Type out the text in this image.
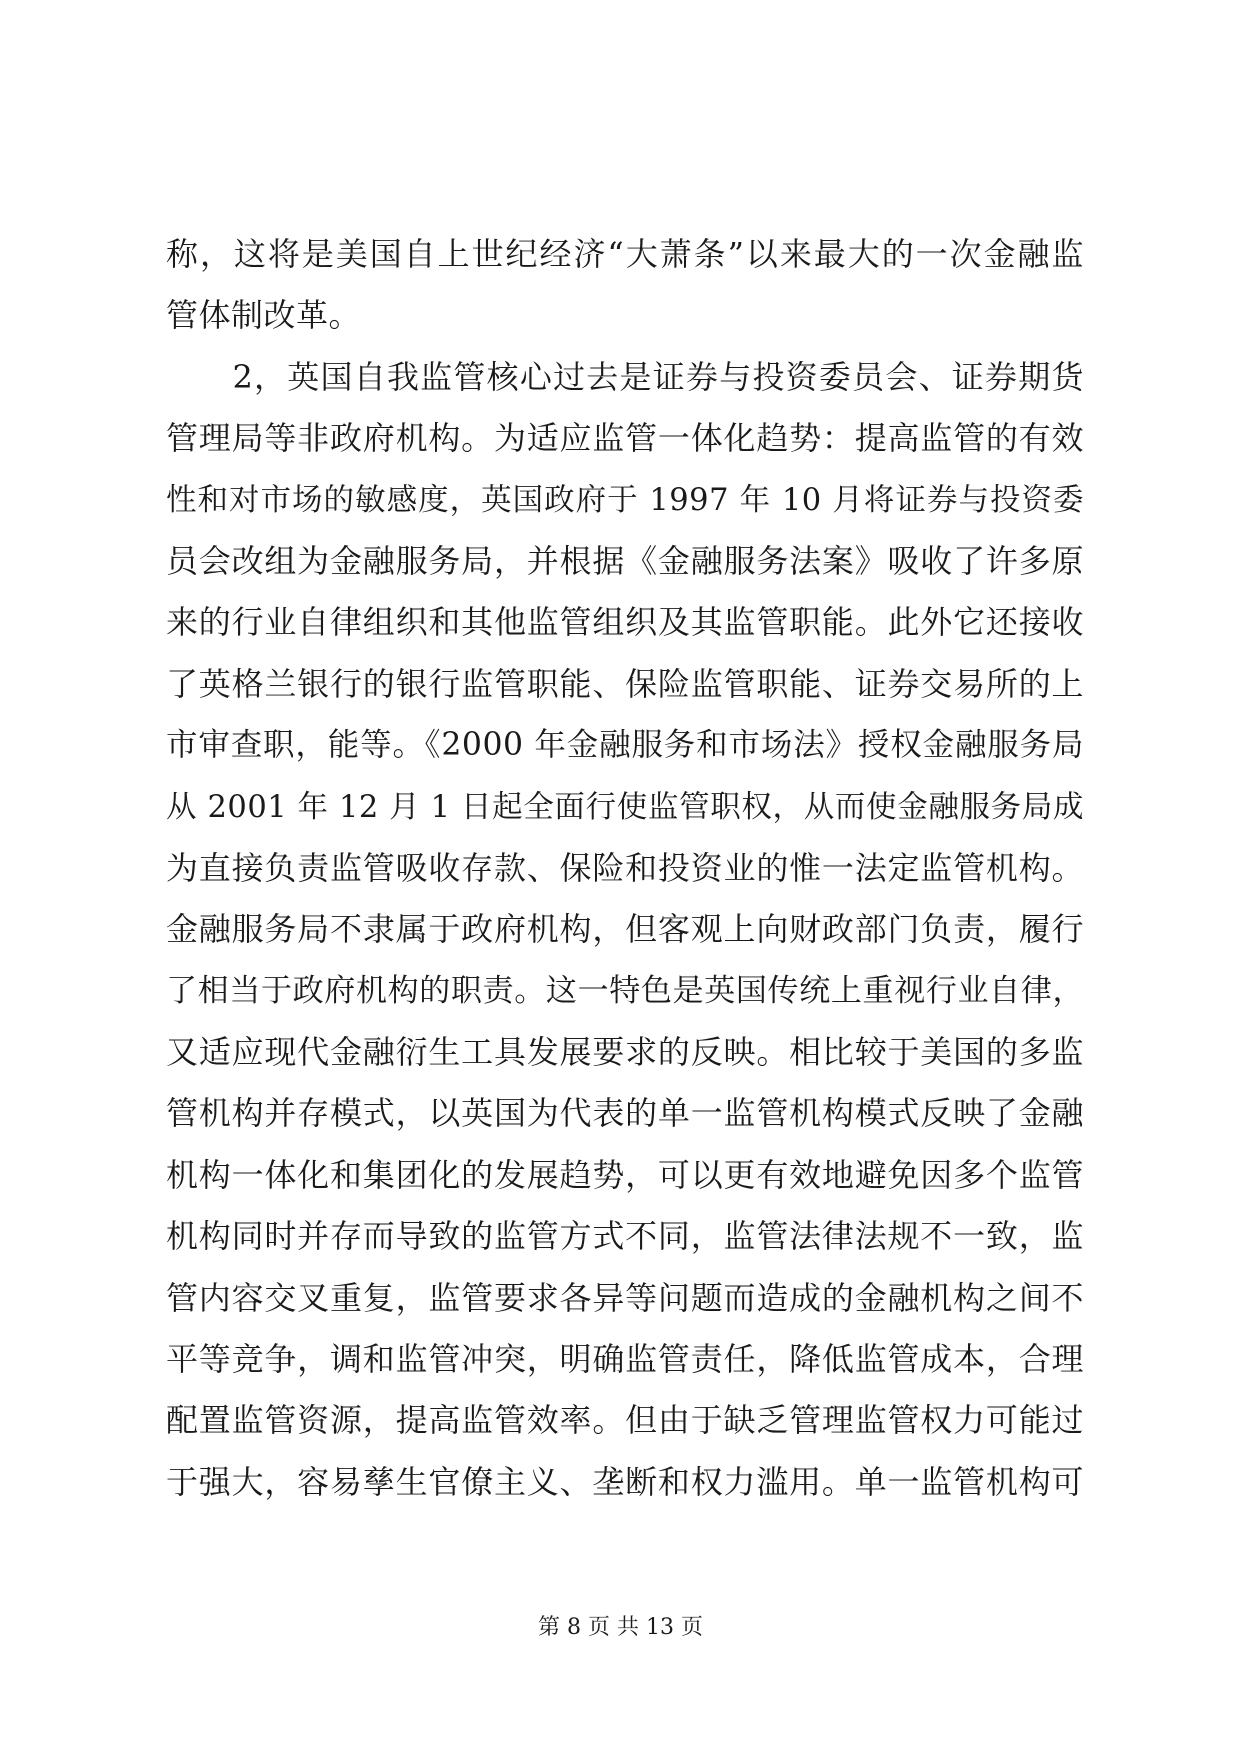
称，这将是美国自上世纪经济“大萧条”以来最大的一次金融监
管体制改革。
　　2，英国自我监管核心过去是证券与投资委员会、证券期货
管理局等非政府机构。为适应监管一体化趋势：提高监管的有效
性和对市场的敏感度，英国政府于 1997 年 10 月将证券与投资委
员会改组为金融服务局，并根据《金融服务法案》吸收了许多原
来的行业自律组织和其他监管组织及其监管职能。此外它还接收
了英格兰银行的银行监管职能、保险监管职能、证券交易所的上
市审查职，能等。《2000 年金融服务和市场法》授权金融服务局
从 2001 年 12 月 1 日起全面行使监管职权，从而使金融服务局成
为直接负责监管吸收存款、保险和投资业的惟一法定监管机构。
金融服务局不隶属于政府机构，但客观上向财政部门负责，履行
了相当于政府机构的职责。这一特色是英国传统上重视行业自律，
又适应现代金融衍生工具发展要求的反映。相比较于美国的多监
管机构并存模式，以英国为代表的单一监管机构模式反映了金融
机构一体化和集团化的发展趋势，可以更有效地避免因多个监管
机构同时并存而导致的监管方式不同，监管法律法规不一致，监
管内容交叉重复，监管要求各异等问题而造成的金融机构之间不
平等竞争，调和监管冲突，明确监管责任，降低监管成本，合理
配置监管资源，提高监管效率。但由于缺乏管理监管权力可能过
于强大，容易孳生官僚主义、垄断和权力滥用。单一监管机构可
第 8 页 共 13 页
